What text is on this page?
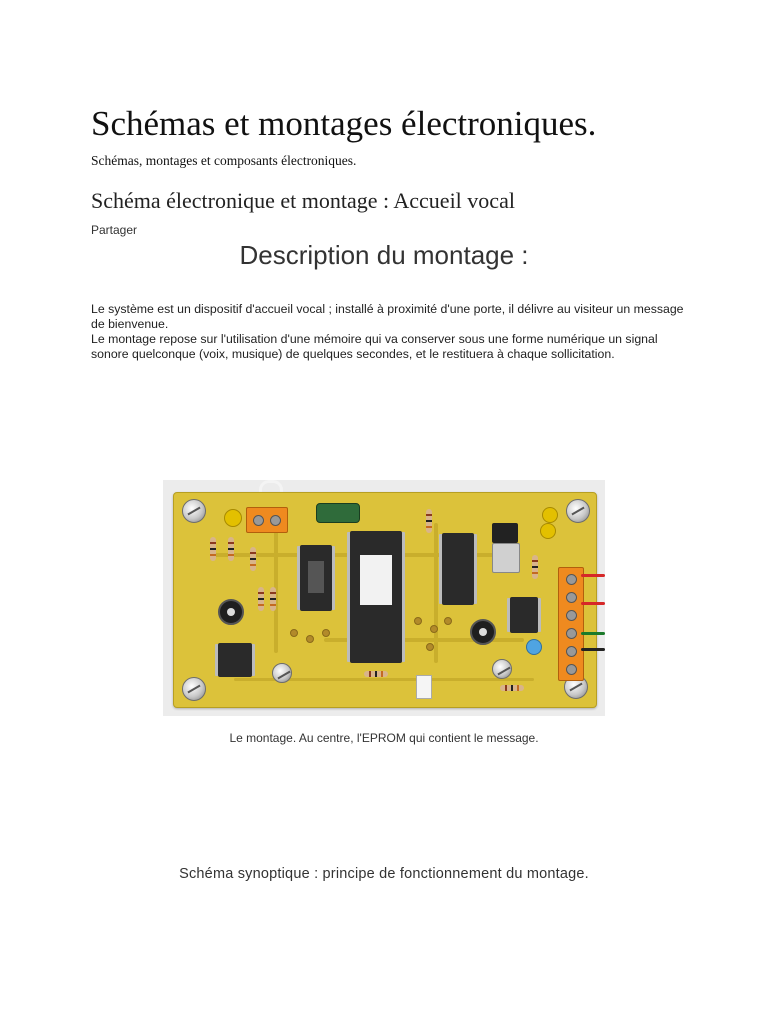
Schémas et montages électroniques.
Schémas, montages et composants électroniques.
Schéma électronique et montage : Accueil vocal
Partager
Description du montage :

Le système est un dispositif d'accueil vocal ; installé à proximité d'une porte, il délivre au visiteur un message de bienvenue.

Le montage repose sur l'utilisation d'une mémoire qui va conserver sous une forme numérique un signal sonore quelconque (voix, musique) de quelques secondes, et le restituera à chaque sollicitation.

Le montage. Au centre, l'EPROM qui contient le message.
Schéma synoptique : principe de fonctionnement du montage.
